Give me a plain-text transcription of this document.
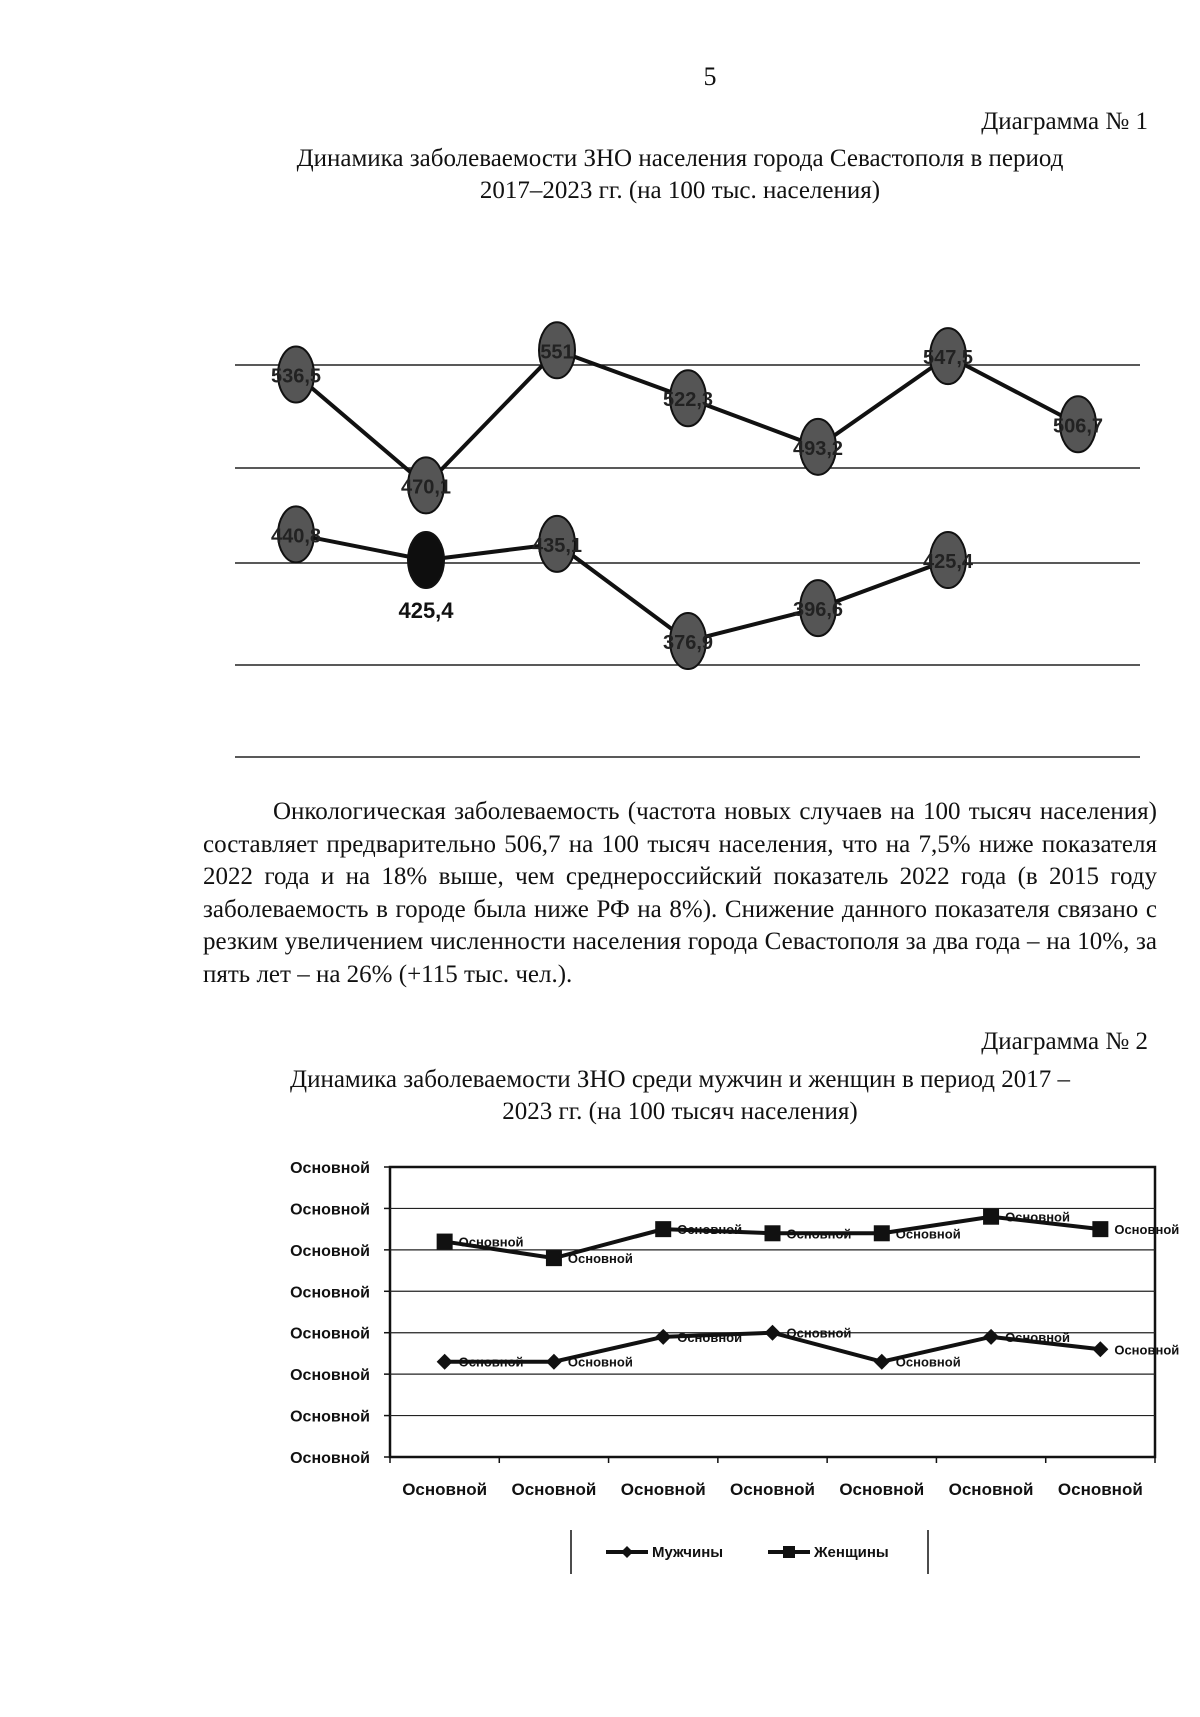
5
Диаграмма № 1
Динамика заболеваемости ЗНО населения города Севастополя в период
2017–2023 гг. (на 100 тыс. населения)
536,5
470,1
551
522,3
493,2
547,5
506,7
440,8
425,4
435,1
376,9
396,6
425,4
Онкологическая заболеваемость (частота новых случаев на 100 тысяч населения) составляет предварительно 506,7 на 100 тысяч населения, что на 7,5% ниже показателя 2022 года и на 18% выше, чем среднероссийский показатель 2022 года (в 2015 году заболеваемость в городе была ниже РФ на 8%). Снижение данного показателя связано с резким увеличением численности населения города Севастополя за два года – на 10%, за пять лет – на 26% (+115 тыс. чел.).
Диаграмма № 2
Динамика заболеваемости ЗНО среди мужчин и женщин в период 2017 –
2023 гг. (на 100 тысяч населения)
Основной
Основной
Основной
Основной
Основной
Основной
Основной
Основной
Основной Основной Основной Основной Основной Основной Основной
Основной	Основной
Основной	Основной
Основной
Основной
Основной
Основной
Основной
Основной	Основной	Основной
Основной
Основной
Мужчины	Женщины
